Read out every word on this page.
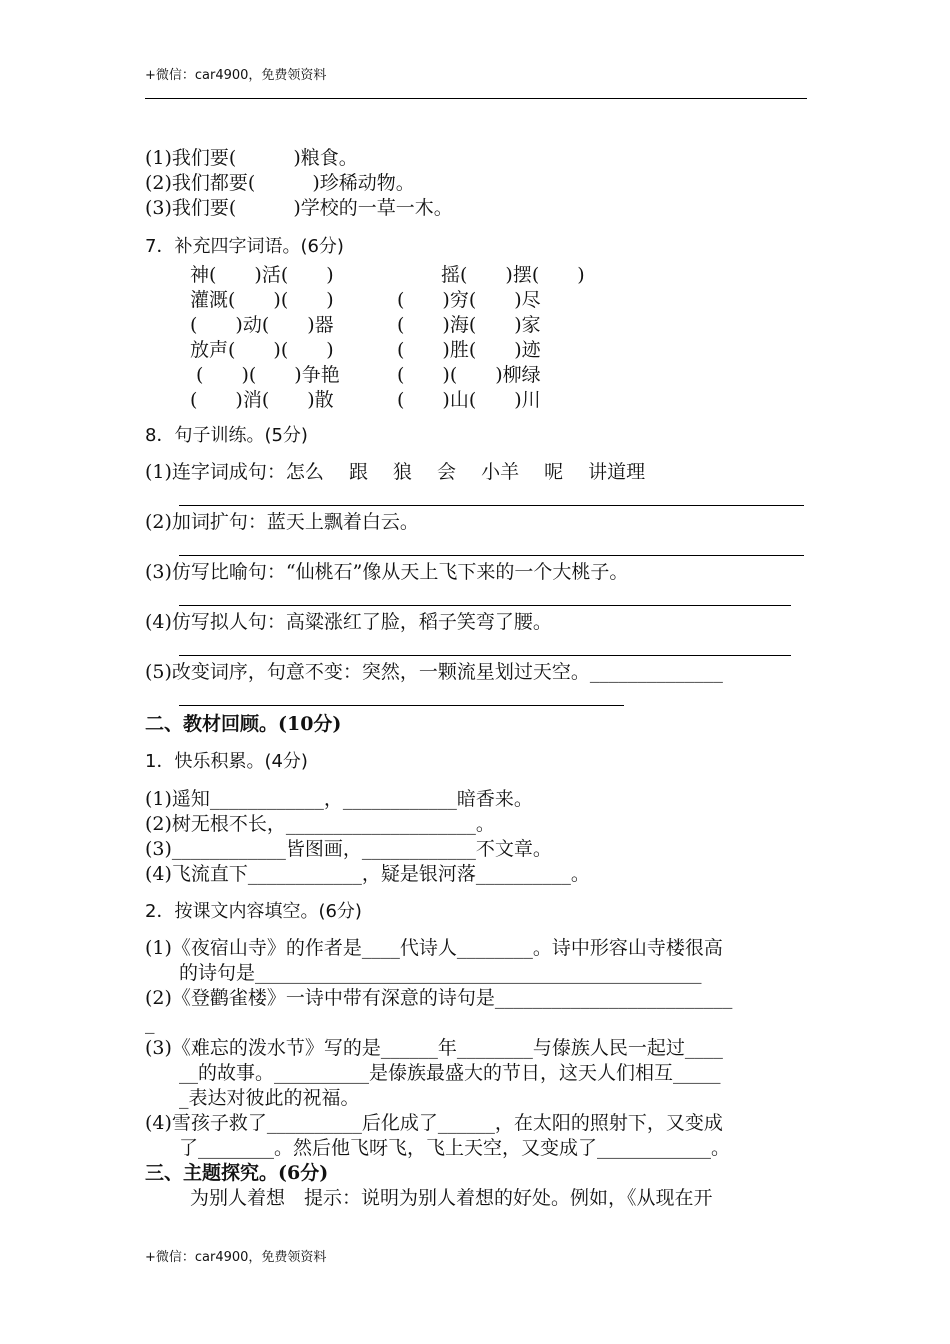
+微信：car4900，免费领资料
(1)我们要(　　　)粮食。
(2)我们都要(　　　)珍稀动物。
(3)我们要(　　　)学校的一草一木。
7．补充四字词语。(6分)
神(　　)活(　　)	摇(　　)摆(　　)
灌溉(　　)(　　)	(　　)穷(　　)尽
(　　)动(　　)器	(　　)海(　　)家
放声(　　)(　　)	(　　)胜(　　)迹
(　　)(　　)争艳	(　　)(　　)柳绿
(　　)消(　　)散	(　　)山(　　)川
8．句子训练。(5分)
(1)连字词成句：怎么　 跟　 狼　 会　 小羊　 呢　 讲道理
(2)加词扩句：蓝天上飘着白云。
(3)仿写比喻句：“仙桃石”像从天上飞下来的一个大桃子。
(4)仿写拟人句：高粱涨红了脸，稻子笑弯了腰。
(5)改变词序，句意不变：突然，一颗流星划过天空。______________
二、教材回顾。(10分)
1．快乐积累。(4分)
(1)遥知____________，____________暗香来。
(2)树无根不长，____________________。
(3)____________皆图画，____________不文章。
(4)飞流直下____________，疑是银河落__________。
2．按课文内容填空。(6分)
(1)《夜宿山寺》的作者是____代诗人________。诗中形容山寺楼很高
的诗句是_______________________________________________
(2)《登鹳雀楼》一诗中带有深意的诗句是_________________________
_
(3)《难忘的泼水节》写的是______年________与傣族人民一起过____
__的故事。__________是傣族最盛大的节日，这天人们相互_____
_表达对彼此的祝福。
(4)雪孩子救了__________后化成了______，在太阳的照射下，又变成
了________。然后他飞呀飞，飞上天空，又变成了____________。
三、主题探究。(6分)
为别人着想　提示：说明为别人着想的好处。例如，《从现在开
+微信：car4900，免费领资料
